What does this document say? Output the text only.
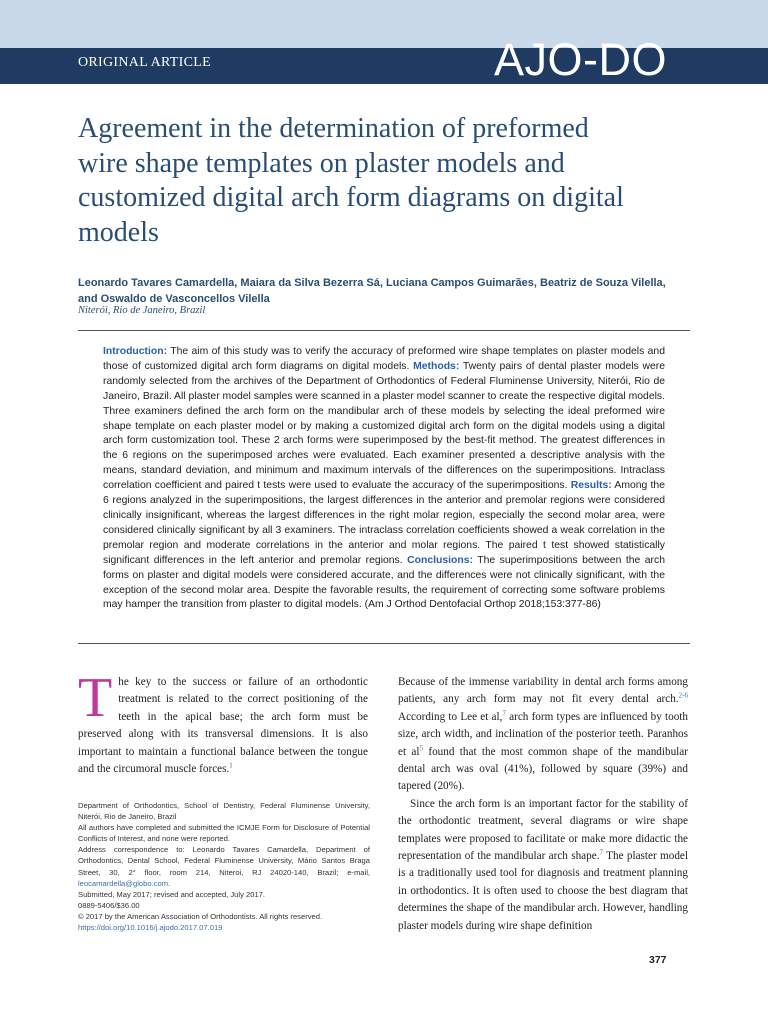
ORIGINAL ARTICLE	AJO-DO
Agreement in the determination of preformed wire shape templates on plaster models and customized digital arch form diagrams on digital models
Leonardo Tavares Camardella, Maiara da Silva Bezerra Sá, Luciana Campos Guimarães, Beatriz de Souza Vilella,
and Oswaldo de Vasconcellos Vilella
Niterói, Rio de Janeiro, Brazil
Introduction: The aim of this study was to verify the accuracy of preformed wire shape templates on plaster models and those of customized digital arch form diagrams on digital models. Methods: Twenty pairs of dental plaster models were randomly selected from the archives of the Department of Orthodontics of Federal Fluminense University, Niterói, Rio de Janeiro, Brazil. All plaster model samples were scanned in a plaster model scanner to create the respective digital models. Three examiners defined the arch form on the mandibular arch of these models by selecting the ideal preformed wire shape template on each plaster model or by making a customized digital arch form on the digital models using a digital arch form customization tool. These 2 arch forms were superimposed by the best-fit method. The greatest differences in the 6 regions on the superimposed arches were evaluated. Each examiner presented a descriptive analysis with the means, standard deviation, and minimum and maximum intervals of the differences on the superimpositions. Intraclass correlation coefficient and paired t tests were used to evaluate the accuracy of the superimpositions. Results: Among the 6 regions analyzed in the superimpositions, the largest differences in the anterior and premolar regions were considered clinically insignificant, whereas the largest differences in the right molar region, especially the second molar area, were considered clinically significant by all 3 examiners. The intraclass correlation coefficients showed a weak correlation in the premolar region and moderate correlations in the anterior and molar regions. The paired t test showed statistically significant differences in the left anterior and premolar regions. Conclusions: The superimpositions between the arch forms on plaster and digital models were considered accurate, and the differences were not clinically significant, with the exception of the second molar area. Despite the favorable results, the requirement of correcting some software problems may hamper the transition from plaster to digital models. (Am J Orthod Dentofacial Orthop 2018;153:377-86)

The key to the success or failure of an orthodontic treatment is related to the correct positioning of the teeth in the apical base; the arch form must be preserved along with its transversal dimensions. It is also important to maintain a functional balance between the tongue and the circumoral muscle forces.$^1$

Department of Orthodontics, School of Dentistry, Federal Fluminense University, Niterói, Rio de Janeiro, Brazil
All authors have completed and submitted the ICMJE Form for Disclosure of Potential Conflicts of Interest, and none were reported.
Address correspondence to: Leonardo Tavares Camardella, Department of Orthodontics, Dental School, Federal Fluminense University, Mário Santos Braga Street, 30, 2° floor, room 214, Niteroi, RJ 24020-140, Brazil; e-mail, leocamardella@globo.com.
Submitted, May 2017; revised and accepted, July 2017.
0889-5406/$36.00
© 2017 by the American Association of Orthodontists. All rights reserved.
https://doi.org/10.1016/j.ajodo.2017.07.019

Because of the immense variability in dental arch forms among patients, any arch form may not fit every dental arch.$^{2-6}$ According to Lee et al,$^7$ arch form types are influenced by tooth size, arch width, and inclination of the posterior teeth. Paranhos et $al^5$ found that the most common shape of the mandibular dental arch was oval (41%), followed by square (39%) and tapered (20%).

Since the arch form is an important factor for the stability of the orthodontic treatment, several diagrams or wire shape templates were proposed to facilitate or make more didactic the representation of the mandibular arch shape.$^7$ The plaster model is a traditionally used tool for diagnosis and treatment planning in orthodontics. It is often used to choose the best diagram that determines the shape of the mandibular arch. However, handling plaster models during wire shape definition

377
